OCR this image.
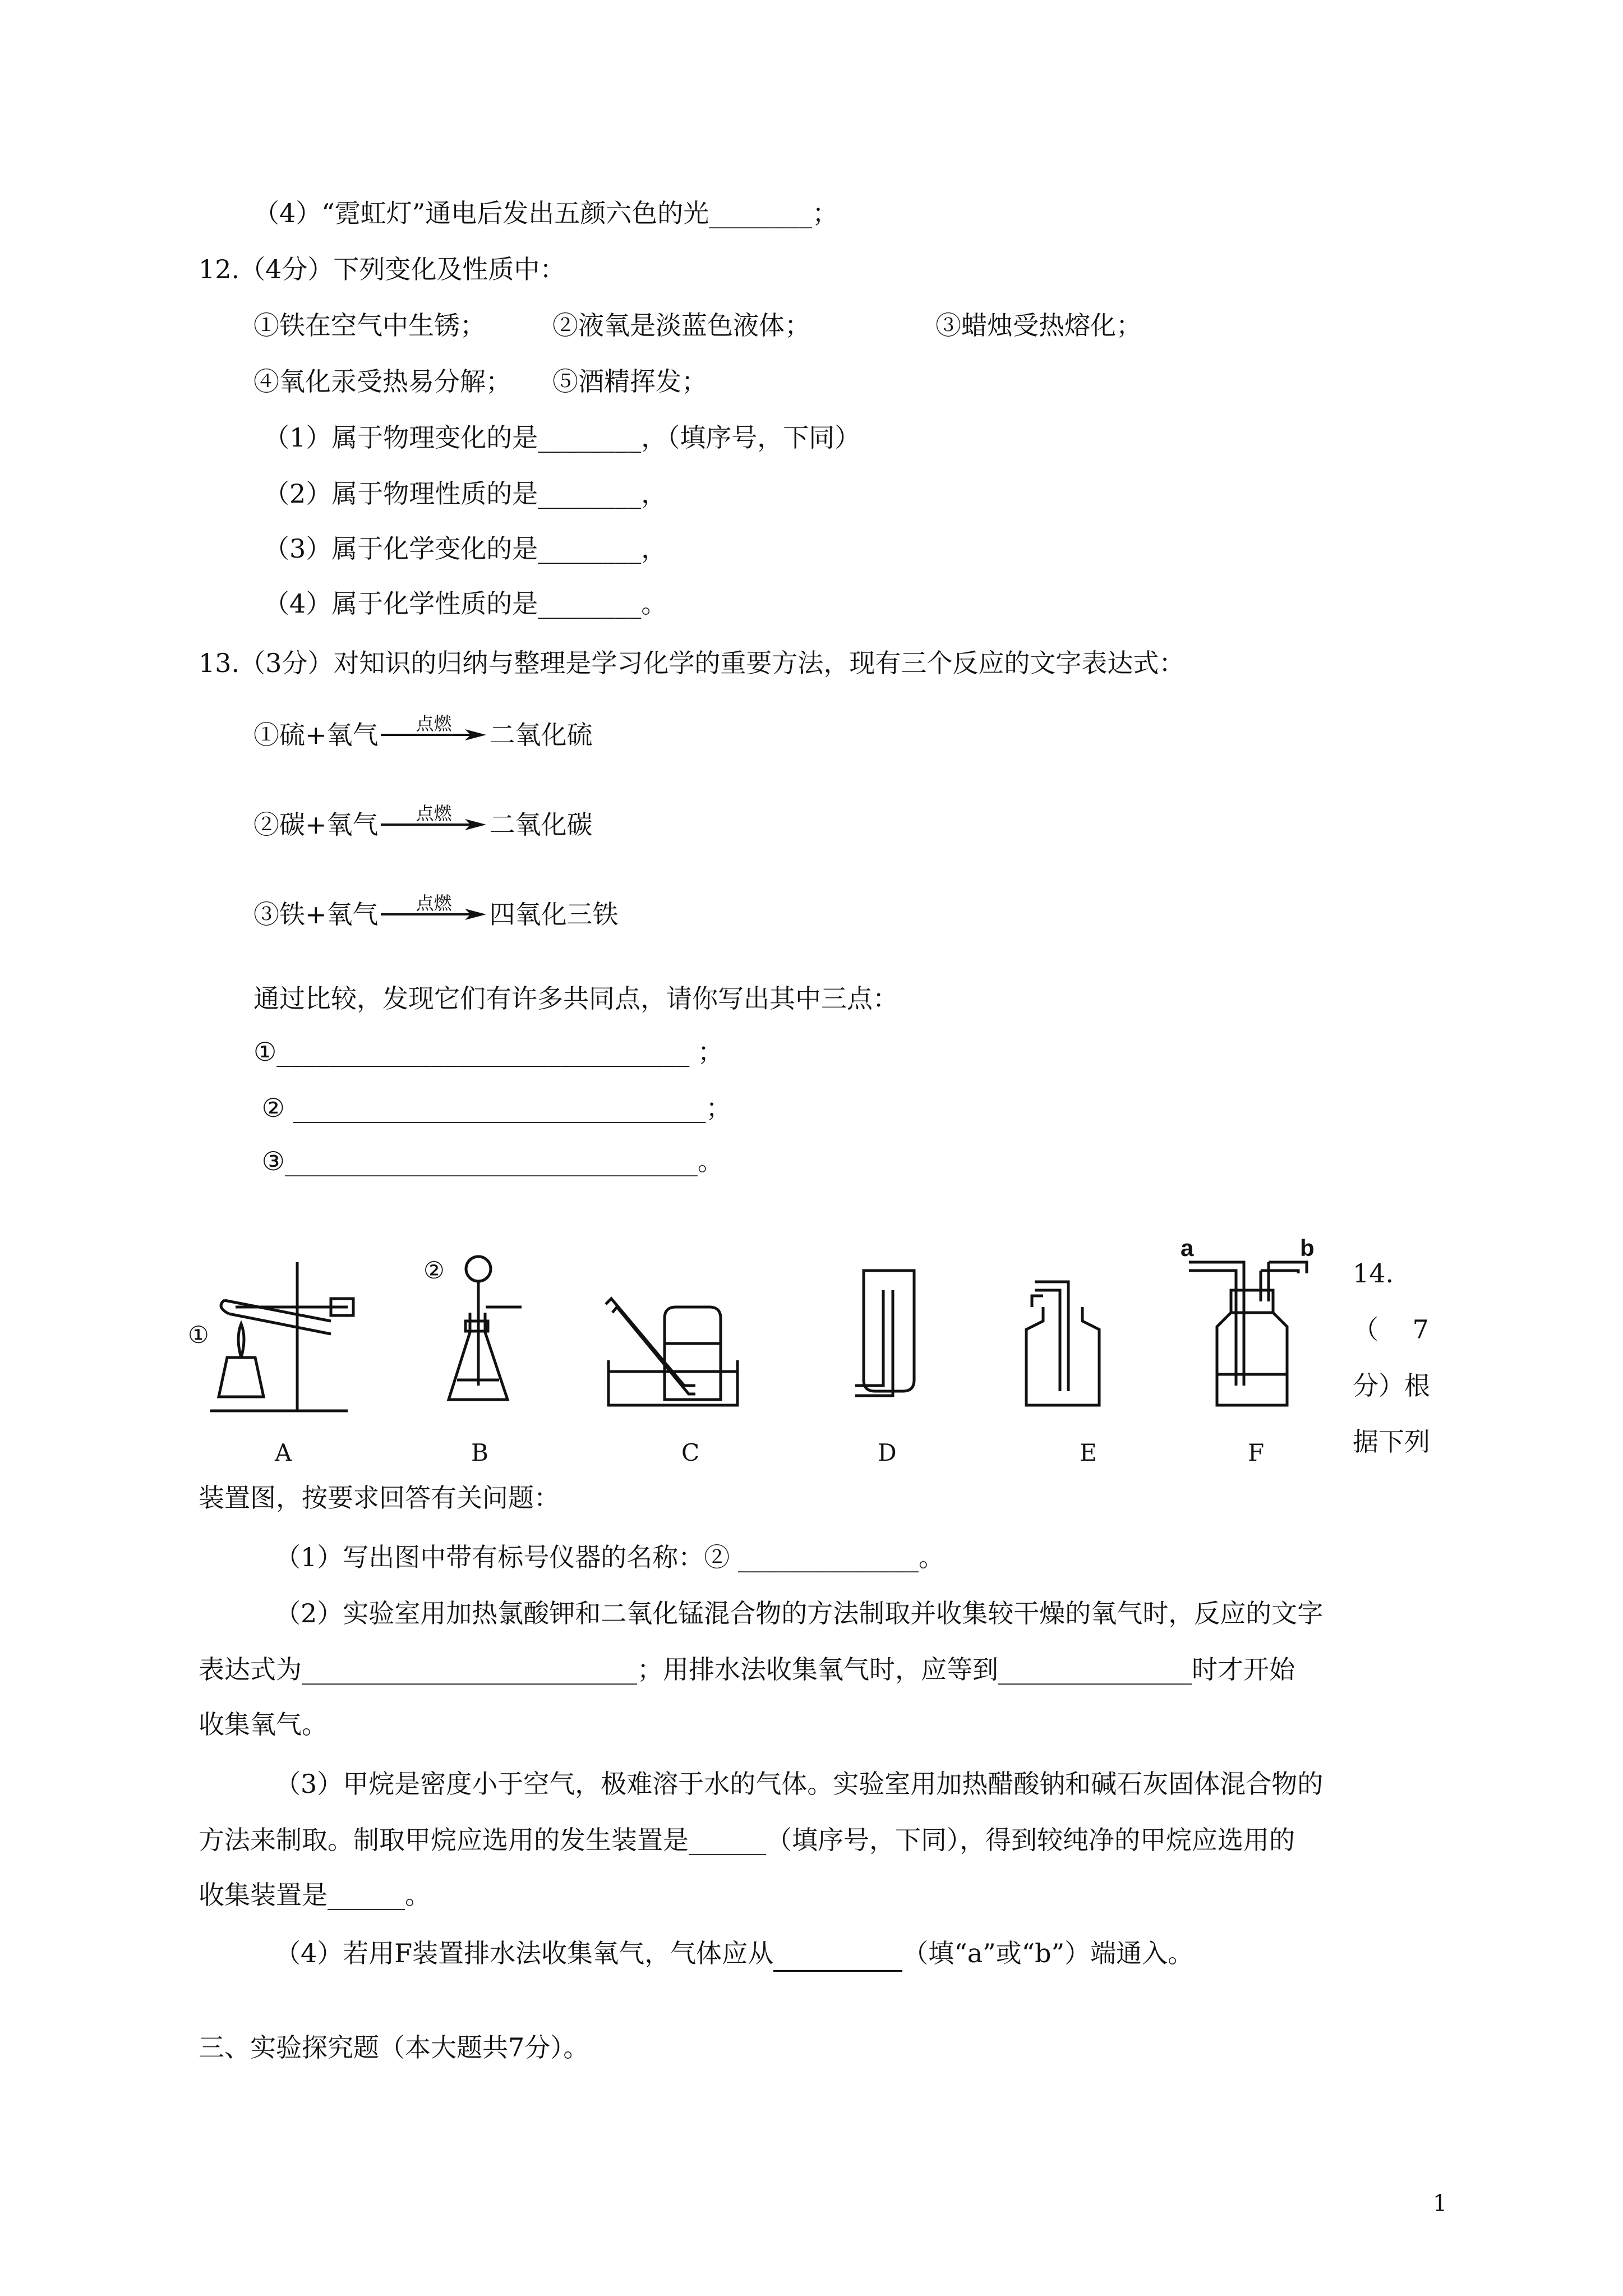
（4）“霓虹灯”通电后发出五颜六色的光________；
12.（4分）下列变化及性质中：
①铁在空气中生锈；	②液氧是淡蓝色液体；	③蜡烛受热熔化；
④氧化汞受热易分解； ⑤酒精挥发；
（1）属于物理变化的是________，（填序号，下同）
（2）属于物理性质的是________，
（3）属于化学变化的是________，
（4）属于化学性质的是________。
13.（3分）对知识的归纳与整理是学习化学的重要方法，现有三个反应的文字表达式：
①硫+氧气

	点燃

	二氧化硫
②碳+氧气

	点燃

	二氧化碳
③铁+氧气

	点燃

	四氧化三铁
通过比较，发现它们有许多共同点，请你写出其中三点：
①________________________________ ；
② ________________________________；
③________________________________。
①
②
a	b
A	B	C	D	E	F
14.
（　 7
分）根
据下列
装置图，按要求回答有关问题：
（1）写出图中带有标号仪器的名称：② ______________。
（2）实验室用加热氯酸钾和二氧化锰混合物的方法制取并收集较干燥的氧气时，反应的文字
表达式为__________________________；用排水法收集氧气时，应等到_______________时才开始
收集氧气。
（3）甲烷是密度小于空气，极难溶于水的气体。实验室用加热醋酸钠和碱石灰固体混合物的
方法来制取。制取甲烷应选用的发生装置是______（填序号，下同），得到较纯净的甲烷应选用的
收集装置是______。
（4）若用F装置排水法收集氧气，气体应从　　　　　	（填“a”或“b”）端通入。
三、实验探究题（本大题共7分）。
1
